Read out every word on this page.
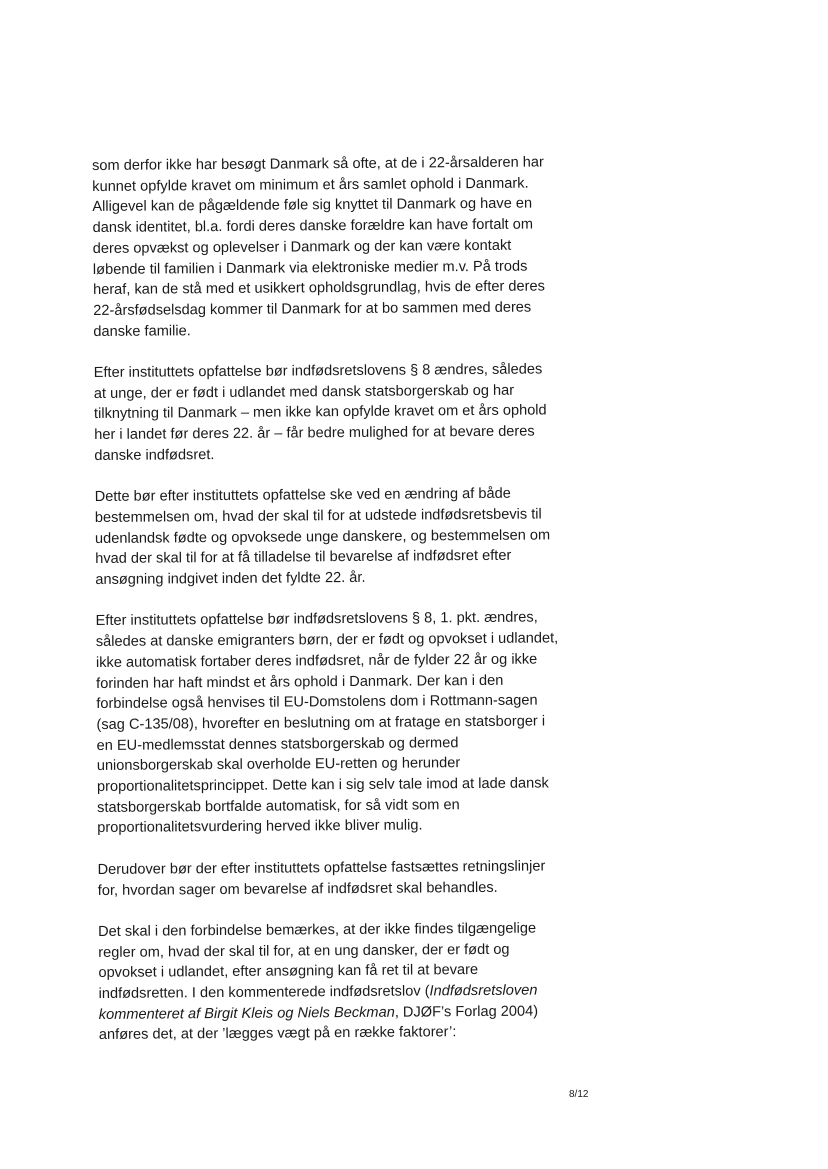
som derfor ikke har besøgt Danmark så ofte, at de i 22-årsalderen har
kunnet opfylde kravet om minimum et års samlet ophold i Danmark.
Alligevel kan de pågældende føle sig knyttet til Danmark og have en
dansk identitet, bl.a. fordi deres danske forældre kan have fortalt om
deres opvækst og oplevelser i Danmark og der kan være kontakt
løbende til familien i Danmark via elektroniske medier m.v. På trods
heraf, kan de stå med et usikkert opholdsgrundlag, hvis de efter deres
22-årsfødselsdag kommer til Danmark for at bo sammen med deres
danske familie.

Efter instituttets opfattelse bør indfødsretslovens § 8 ændres, således
at unge, der er født i udlandet med dansk statsborgerskab og har
tilknytning til Danmark – men ikke kan opfylde kravet om et års ophold
her i landet før deres 22. år – får bedre mulighed for at bevare deres
danske indfødsret.

Dette bør efter instituttets opfattelse ske ved en ændring af både
bestemmelsen om, hvad der skal til for at udstede indfødsretsbevis til
udenlandsk fødte og opvoksede unge danskere, og bestemmelsen om
hvad der skal til for at få tilladelse til bevarelse af indfødsret efter
ansøgning indgivet inden det fyldte 22. år.

Efter instituttets opfattelse bør indfødsretslovens § 8, 1. pkt. ændres,
således at danske emigranters børn, der er født og opvokset i udlandet,
ikke automatisk fortaber deres indfødsret, når de fylder 22 år og ikke
forinden har haft mindst et års ophold i Danmark. Der kan i den
forbindelse også henvises til EU-Domstolens dom i Rottmann-sagen
(sag C-135/08), hvorefter en beslutning om at fratage en statsborger i
en EU-medlemsstat dennes statsborgerskab og dermed
unionsborgerskab skal overholde EU-retten og herunder
proportionalitetsprincippet. Dette kan i sig selv tale imod at lade dansk
statsborgerskab bortfalde automatisk, for så vidt som en
proportionalitetsvurdering herved ikke bliver mulig.

Derudover bør der efter instituttets opfattelse fastsættes retningslinjer
for, hvordan sager om bevarelse af indfødsret skal behandles.

Det skal i den forbindelse bemærkes, at der ikke findes tilgængelige
regler om, hvad der skal til for, at en ung dansker, der er født og
opvokset i udlandet, efter ansøgning kan få ret til at bevare
indfødsretten. I den kommenterede indfødsretslov (Indfødsretsloven
kommenteret af Birgit Kleis og Niels Beckman, DJØF’s Forlag 2004)
anføres det, at der ’lægges vægt på en række faktorer’:

8/12
